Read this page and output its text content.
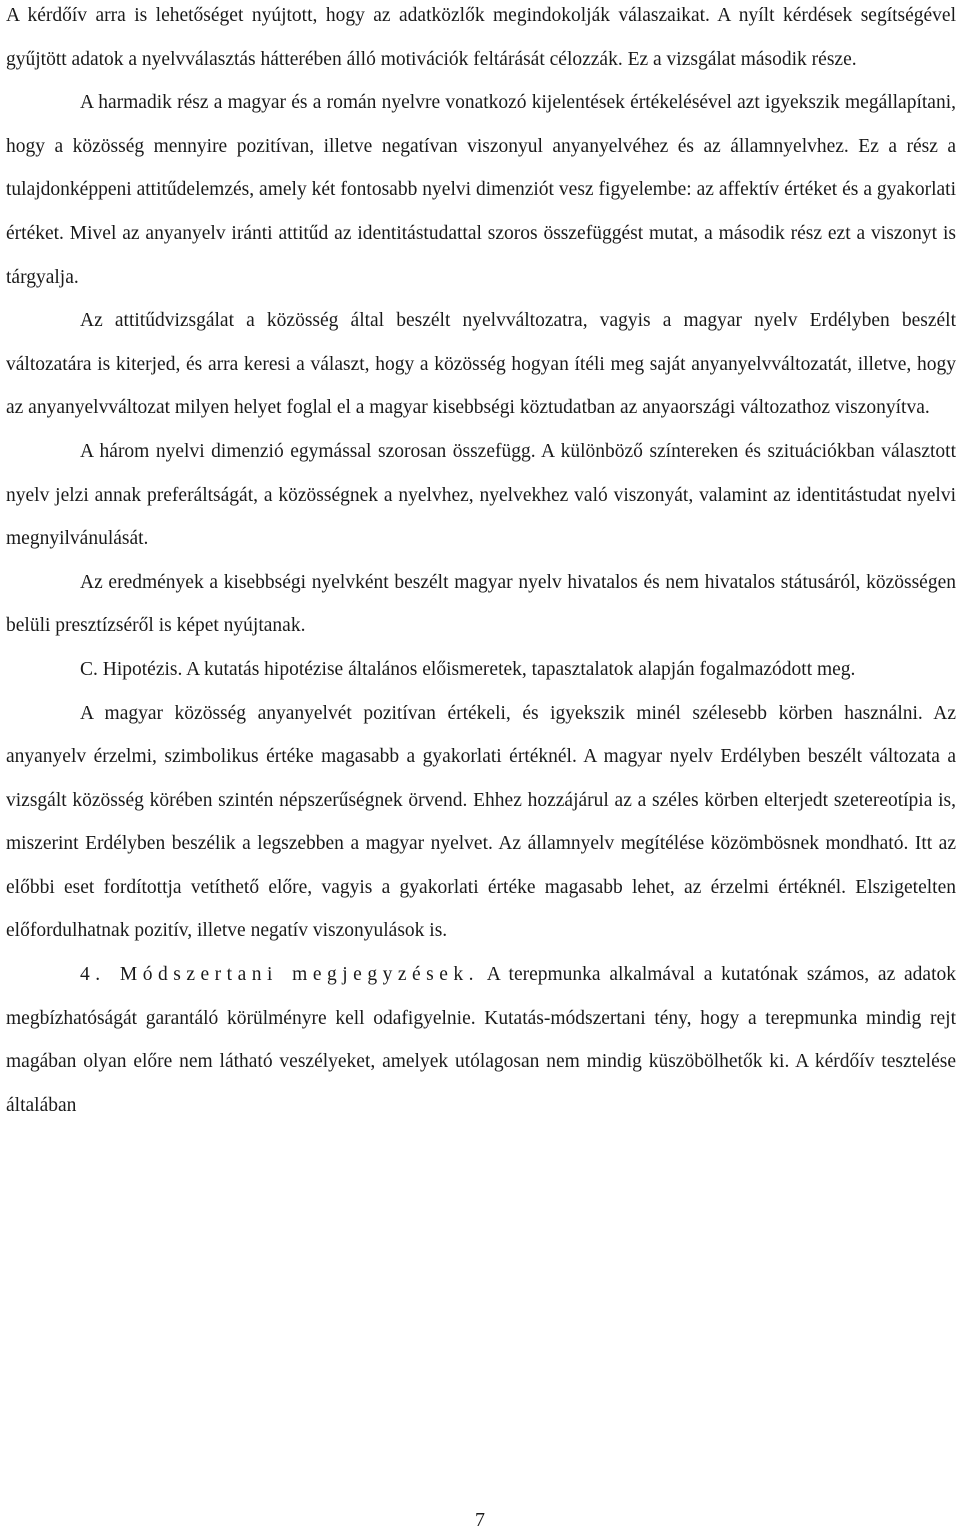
A kérdőív arra is lehetőséget nyújtott, hogy az adatközlők megindokolják válaszaikat. A nyílt kérdések segítségével gyűjtött adatok a nyelvválasztás hátterében álló motivációk feltárását célozzák. Ez a vizsgálat második része.

A harmadik rész a magyar és a román nyelvre vonatkozó kijelentések értékelésével azt igyekszik megállapítani, hogy a közösség mennyire pozitívan, illetve negatívan viszonyul anyanyelvéhez és az államnyelvhez. Ez a rész a tulajdonképpeni attitűdelemzés, amely két fontosabb nyelvi dimenziót vesz figyelembe: az affektív értéket és a gyakorlati értéket. Mivel az anyanyelv iránti attitűd az identitástudattal szoros összefüggést mutat, a második rész ezt a viszonyt is tárgyalja.

Az attitűdvizsgálat a közösség által beszélt nyelvváltozatra, vagyis a magyar nyelv Erdélyben beszélt változatára is kiterjed, és arra keresi a választ, hogy a közösség hogyan ítéli meg saját anyanyelvváltozatát, illetve, hogy az anyanyelvváltozat milyen helyet foglal el a magyar kisebbségi köztudatban az anyaországi változathoz viszonyítva.

A három nyelvi dimenzió egymással szorosan összefügg. A különböző színtereken és szituációkban választott nyelv jelzi annak preferáltságát, a közösségnek a nyelvhez, nyelvekhez való viszonyát, valamint az identitástudat nyelvi megnyilvánulását.

Az eredmények a kisebbségi nyelvként beszélt magyar nyelv hivatalos és nem hivatalos státusáról, közösségen belüli presztízséről is képet nyújtanak.

C. Hipotézis. A kutatás hipotézise általános előismeretek, tapasztalatok alapján fogalmazódott meg.

A magyar közösség anyanyelvét pozitívan értékeli, és igyekszik minél szélesebb körben használni. Az anyanyelv érzelmi, szimbolikus értéke magasabb a gyakorlati értéknél. A magyar nyelv Erdélyben beszélt változata a vizsgált közösség körében szintén népszerűségnek örvend. Ehhez hozzájárul az a széles körben elterjedt szetereotípia is, miszerint Erdélyben beszélik a legszebben a magyar nyelvet. Az államnyelv megítélése közömbösnek mondható. Itt az előbbi eset fordítottja vetíthető előre, vagyis a gyakorlati értéke magasabb lehet, az érzelmi értéknél. Elszigetelten előfordulhatnak pozitív, illetve negatív viszonyulások is.

4. Módszertani megjegyzések. A terepmunka alkalmával a kutatónak számos, az adatok megbízhatóságát garantáló körülményre kell odafigyelnie. Kutatás-módszertani tény, hogy a terepmunka mindig rejt magában olyan előre nem látható veszélyeket, amelyek utólagosan nem mindig küszöbölhetők ki. A kérdőív tesztelése általában

7
